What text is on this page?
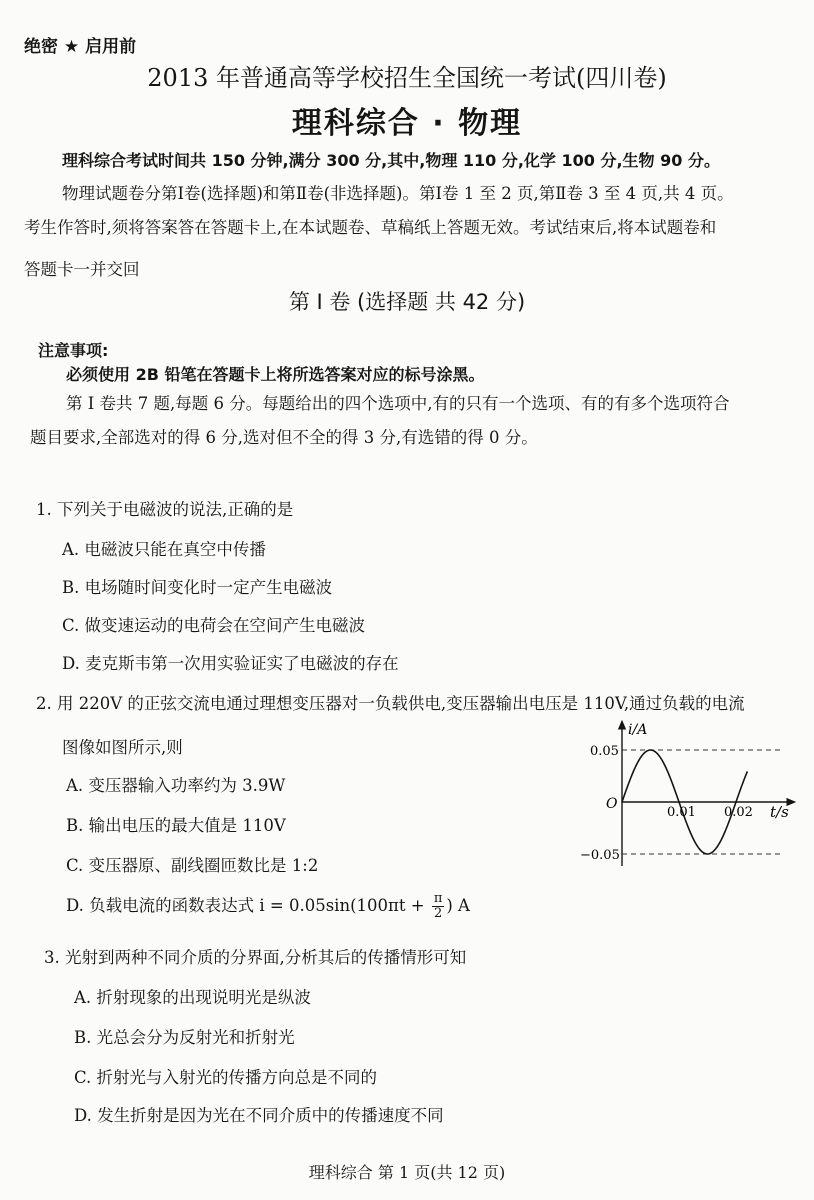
绝密 ★ 启用前
2013 年普通高等学校招生全国统一考试(四川卷)
理科综合 · 物理
理科综合考试时间共 150 分钟,满分 300 分,其中,物理 110 分,化学 100 分,生物 90 分。
物理试题卷分第Ⅰ卷(选择题)和第Ⅱ卷(非选择题)。第Ⅰ卷 1 至 2 页,第Ⅱ卷 3 至 4 页,共 4 页。
考生作答时,须将答案答在答题卡上,在本试题卷、草稿纸上答题无效。考试结束后,将本试题卷和
答题卡一并交回
第 I 卷 (选择题 共 42 分)
注意事项:
必须使用 2B 铅笔在答题卡上将所选答案对应的标号涂黑。
第 Ⅰ 卷共 7 题,每题 6 分。每题给出的四个选项中,有的只有一个选项、有的有多个选项符合
题目要求,全部选对的得 6 分,选对但不全的得 3 分,有选错的得 0 分。
1. 下列关于电磁波的说法,正确的是
A. 电磁波只能在真空中传播
B. 电场随时间变化时一定产生电磁波
C. 做变速运动的电荷会在空间产生电磁波
D. 麦克斯韦第一次用实验证实了电磁波的存在
2. 用 220V 的正弦交流电通过理想变压器对一负载供电,变压器输出电压是 110V,通过负载的电流
图像如图所示,则
A. 变压器输入功率约为 3.9W
B. 输出电压的最大值是 110V
C. 变压器原、副线圈匝数比是 1:2
D. 负载电流的函数表达式 $i = 0.05\sin(100\pi t + \frac{\pi}{2}$ ) A
i/A
t/s
O
0.05
−0.05
0.01 0.02
3. 光射到两种不同介质的分界面,分析其后的传播情形可知
A. 折射现象的出现说明光是纵波
B. 光总会分为反射光和折射光
C. 折射光与入射光的传播方向总是不同的
D. 发生折射是因为光在不同介质中的传播速度不同
理科综合 第 1 页(共 12 页)
